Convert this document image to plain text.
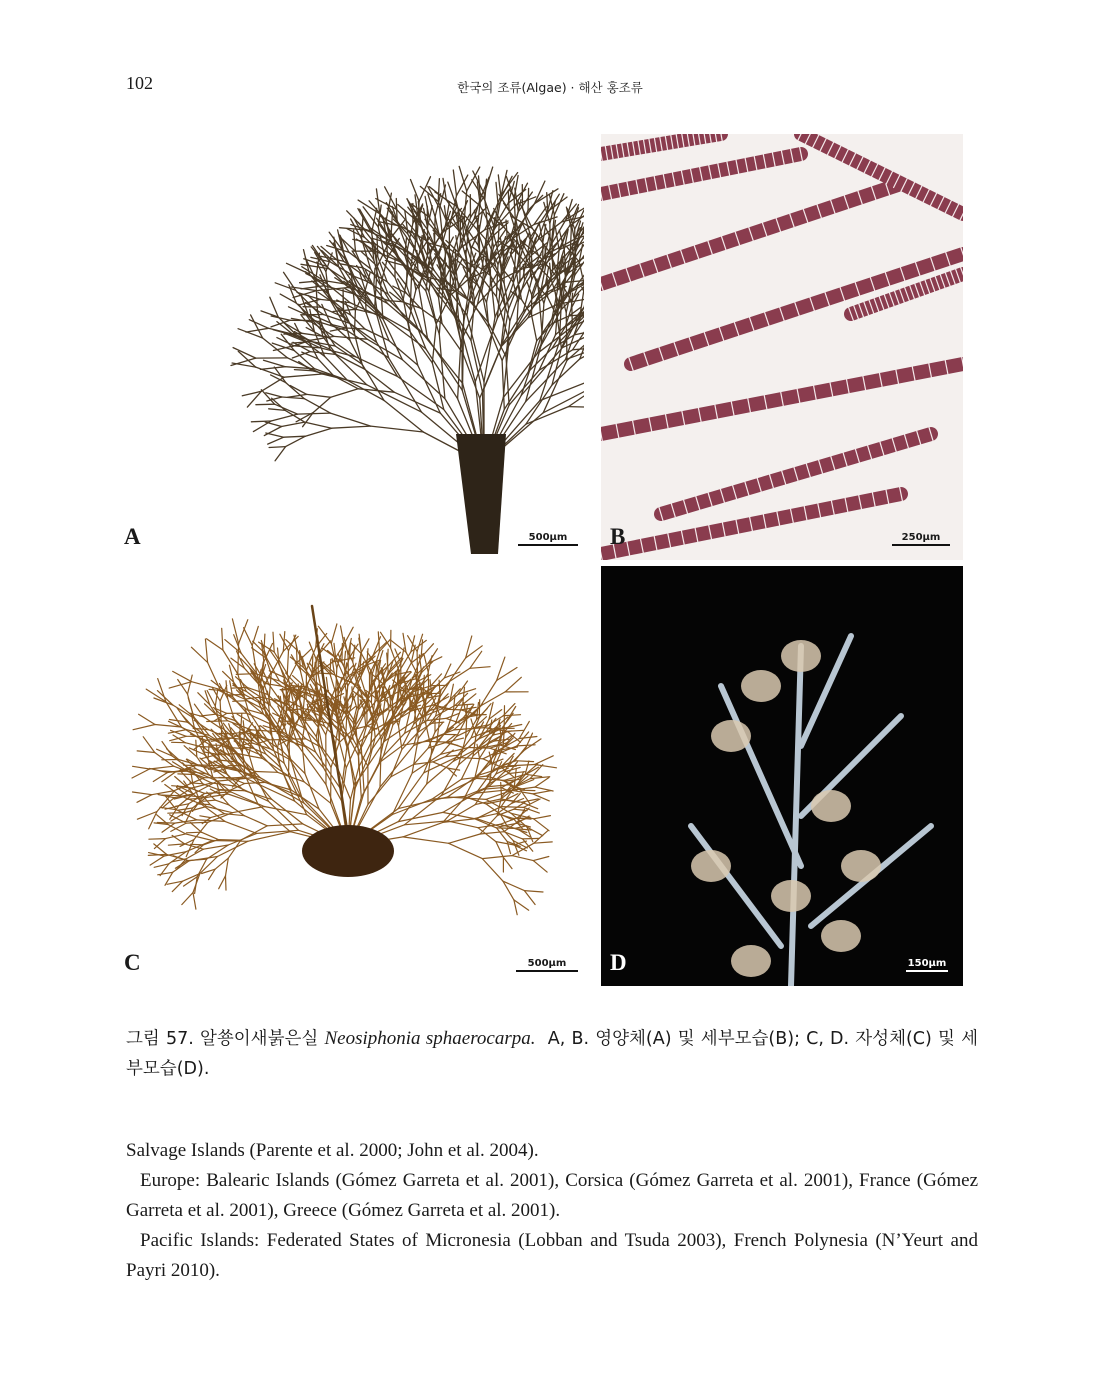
102	한국의 조류(Algae) · 해산 홍조류
A	500µm	B	250µm
C	500µm	D	150µm
그림 57. 알쑝이새붉은실 Neosiphonia sphaerocarpa. A, B. 영양체(A) 및 세부모습(B); C, D. 자성체(C) 및 세부모습(D).

Salvage Islands (Parente et al. 2000; John et al. 2004).

Europe: Balearic Islands (Gómez Garreta et al. 2001), Corsica (Gómez Garreta et al. 2001), France (Gómez Garreta et al. 2001), Greece (Gómez Garreta et al. 2001).

Pacific Islands: Federated States of Micronesia (Lobban and Tsuda 2003), French Polynesia (N’Yeurt and Payri 2010).
